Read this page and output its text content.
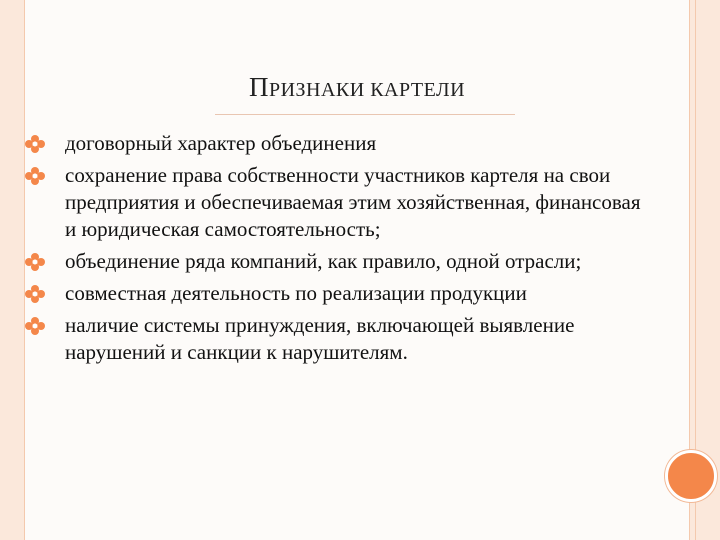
ПРИЗНАКИ КАРТЕЛИ
договорный характер объединения
сохранение права собственности участников картеля на свои предприятия и обеспечиваемая этим хозяйственная, финансовая и юридическая самостоятельность;
объединение ряда компаний, как правило, одной отрасли;
совместная деятельность по реализации продукции
наличие системы принуждения, включающей выявление нарушений и санкции к нарушителям.
